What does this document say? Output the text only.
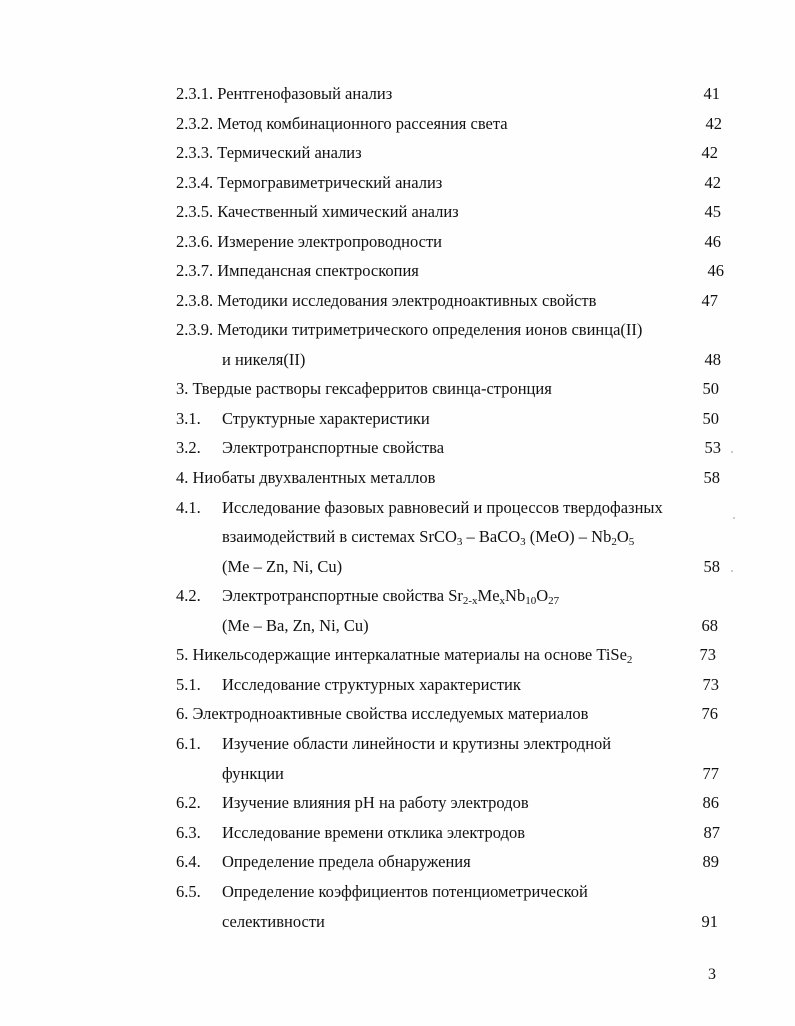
2.3.1. Рентгенофазовый анализ	41
2.3.2. Метод комбинационного рассеяния света	42
2.3.3. Термический анализ	42
2.3.4. Термогравиметрический анализ	42
2.3.5. Качественный химический анализ	45
2.3.6. Измерение электропроводности	46
2.3.7. Импедансная спектроскопия	46
2.3.8. Методики исследования электродноактивных свойств	47
2.3.9. Методики титриметрического определения ионов свинца(II)
и никеля(II)	48
3. Твердые растворы гексаферритов свинца-стронция	50
3.1. Структурные характеристики	50
3.2. Электротранспортные свойства	53
4. Ниобаты двухвалентных металлов	58
4.1. Исследование фазовых равновесий и процессов твердофазных
взаимодействий в системах SrCO$_3$ – BaCO$_3$ $(MeO) - Nb_2O_5$
(Me – Zn, Ni, Cu)	58
4.2. Электротранспортные свойства $Sr_{2-x}Me_xNb_{10}O_{27}$
(Me – Ba, Zn, Ni, Cu)	68
5. Никельсодержащие интеркалатные материалы на основе TiSe$_2$	73
5.1. Исследование структурных характеристик	73
6. Электродноактивные свойства исследуемых материалов	76
6.1. Изучение области линейности и крутизны электродной
функции	77
6.2. Изучение влияния pH на работу электродов	86
6.3. Исследование времени отклика электродов	87
6.4. Определение предела обнаружения	89
6.5. Определение коэффициентов потенциометрической
селективности	91
3
